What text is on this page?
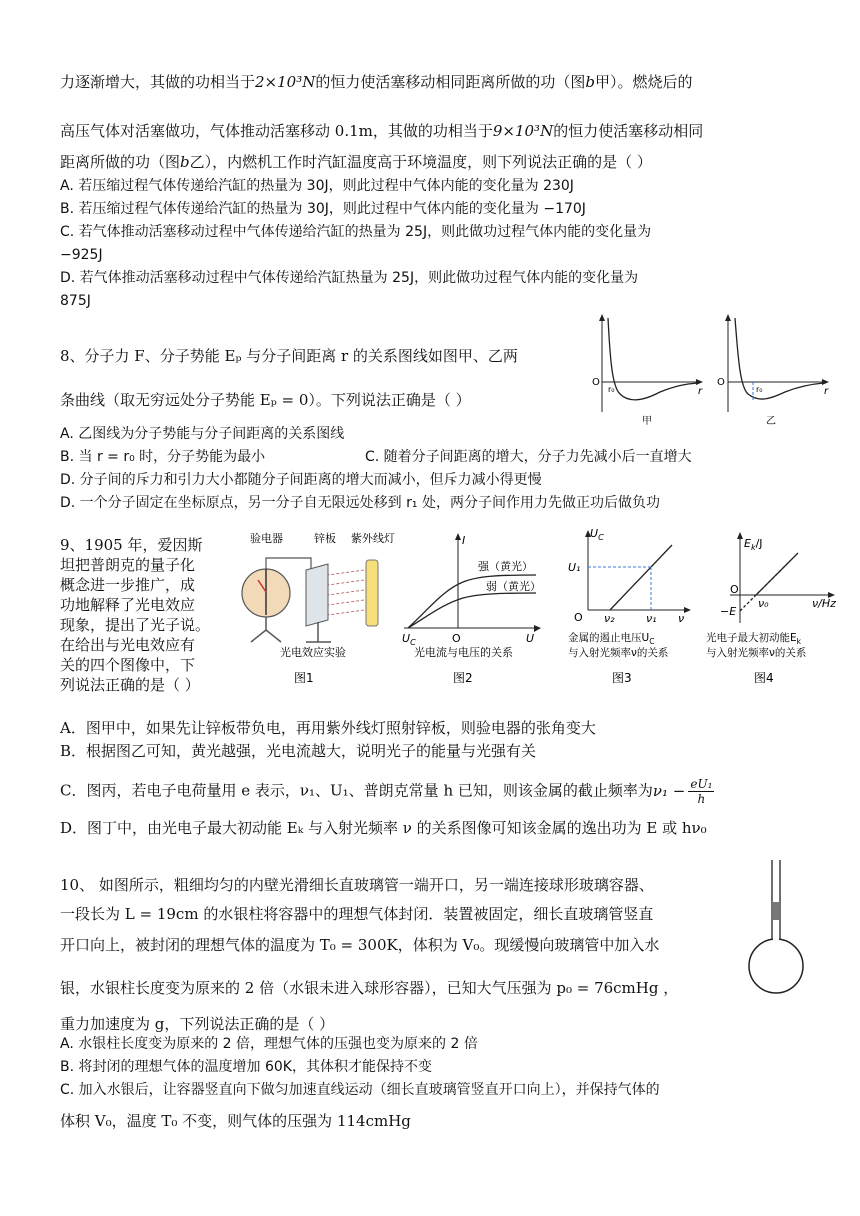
力逐渐增大，其做的功相当于2×10³N的恒力使活塞移动相同距离所做的功（图b甲）。燃烧后的
高压气体对活塞做功，气体推动活塞移动 0.1m，其做的功相当于9×10³N的恒力使活塞移动相同
距离所做的功（图b乙），内燃机工作时汽缸温度高于环境温度，则下列说法正确的是（ ）
A. 若压缩过程气体传递给汽缸的热量为 30J，则此过程中气体内能的变化量为 230J
B. 若压缩过程气体传递给汽缸的热量为 30J，则此过程中气体内能的变化量为 −170J
C. 若气体推动活塞移动过程中气体传递给汽缸的热量为 25J，则此做功过程气体内能的变化量为
−925J
D. 若气体推动活塞移动过程中气体传递给汽缸热量为 25J，则此做功过程气体内能的变化量为
875J
8、分子力 F、分子势能 Eₚ 与分子间距离 r 的关系图线如图甲、乙两
条曲线（取无穷远处分子势能 Eₚ = 0）。下列说法正确是（ ）
A. 乙图线为分子势能与分子间距离的关系图线
B. 当 r = r₀ 时，分子势能为最小	C. 随着分子间距离的增大，分子力先减小后一直增大
D. 分子间的斥力和引力大小都随分子间距离的增大而减小，但斥力减小得更慢
D. 一个分子固定在坐标原点，另一分子自无限远处移到 r₁ 处，两分子间作用力先做正功后做负功
O
r₀	r
甲
O
r₀	r
乙
9、1905 年，爱因斯
坦把普朗克的量子化
概念进一步推广，成
功地解释了光电效应
现象，提出了光子说。
在给出与光电效应有
关的四个图像中，下
列说法正确的是（ ）
验电器	锌板 紫外线灯
光电效应实验
图1
I
强（黄光）
弱（黄光）
$U_C$	O	U
光电流与电压的关系
图2
$U_C$
U₁
O ν₂	ν₁ ν
金属的遏止电压$U_C$
与入射光频率ν的关系
图3
$E_k/J$
O
ν₀	ν/Hz
−E
光电子最大初动能$E_k$
与入射光频率ν的关系
图4
A．图甲中，如果先让锌板带负电，再用紫外线灯照射锌板，则验电器的张角变大
B．根据图乙可知，黄光越强，光电流越大，说明光子的能量与光强有关
C．图丙，若电子电荷量用 e 表示，ν₁、U₁、普朗克常量 h 已知，则该金属的截止频率为$\nu_1 - \frac{\text{eU₁}}{h}$
D．图丁中，由光电子最大初动能 Eₖ 与入射光频率 ν 的关系图像可知该金属的逸出功为 E 或 hν₀
10、 如图所示，粗细均匀的内壁光滑细长直玻璃管一端开口，另一端连接球形玻璃容器、
一段长为 L = 19cm 的水银柱将容器中的理想气体封闭．装置被固定，细长直玻璃管竖直
开口向上，被封闭的理想气体的温度为 T₀ = 300K，体积为 V₀。现缓慢向玻璃管中加入水
银，水银柱长度变为原来的 2 倍（水银未进入球形容器），已知大气压强为 p₀ = 76cmHg ，
重力加速度为 g，下列说法正确的是（ ）
A. 水银柱长度变为原来的 2 倍，理想气体的压强也变为原来的 2 倍
B. 将封闭的理想气体的温度增加 60K，其体积才能保持不变
C. 加入水银后，让容器竖直向下做匀加速直线运动（细长直玻璃管竖直开口向上），并保持气体的
体积 V₀，温度 T₀ 不变，则气体的压强为 114cmHg
